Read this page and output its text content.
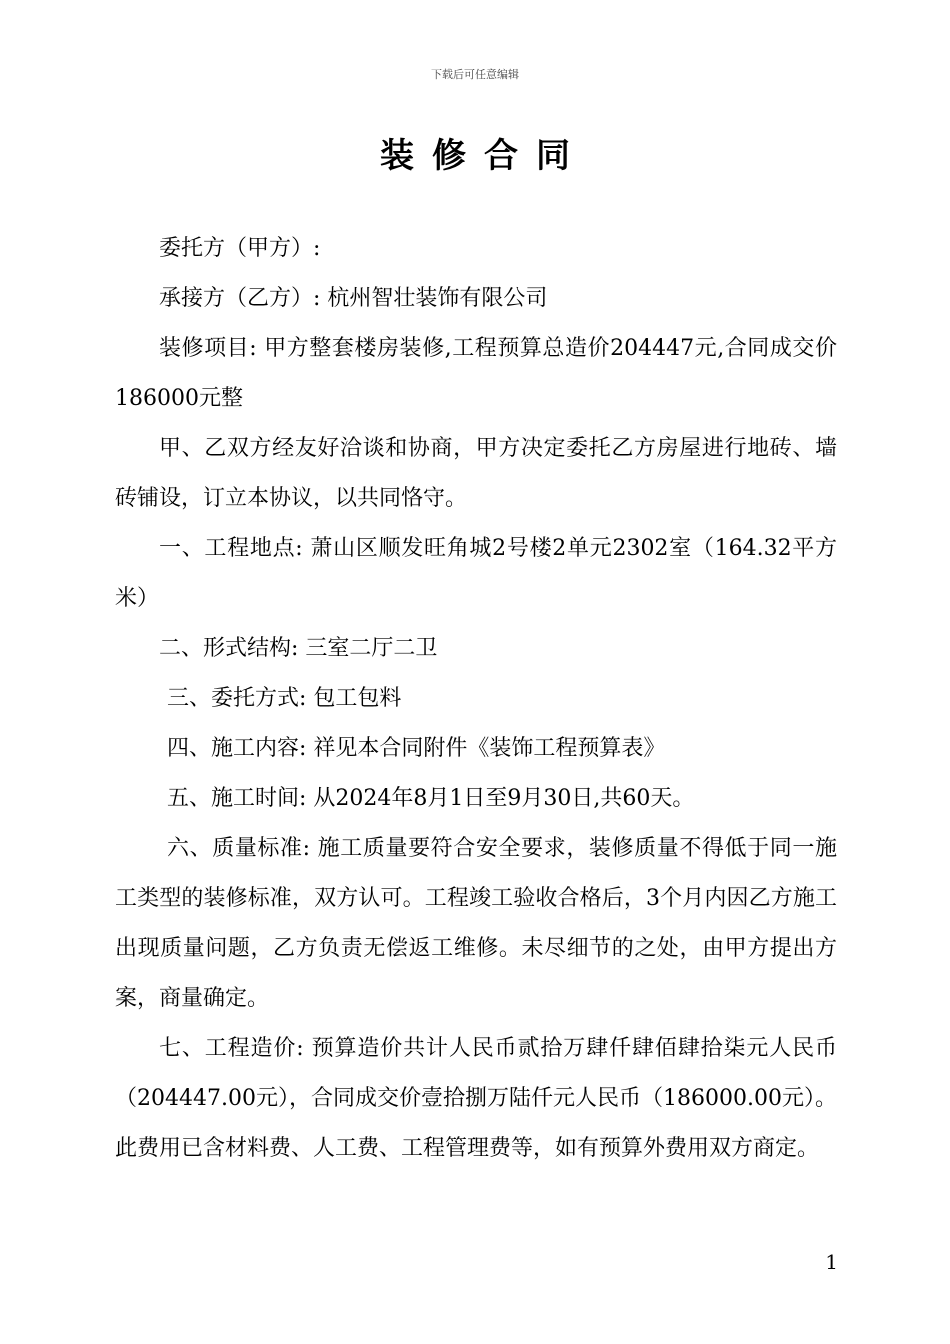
下载后可任意编辑
装修合同

委托方（甲方）:

承接方（乙方）: 杭州智壮装饰有限公司

装修项目: 甲方整套楼房装修,工程预算总造价204447元,合同成交价186000元整

甲、乙双方经友好洽谈和协商，甲方决定委托乙方房屋进行地砖、墙砖铺设，订立本协议，以共同恪守。

一、工程地点: 萧山区顺发旺角城2号楼2单元2302室（164.32平方米）

二、形式结构: 三室二厅二卫

三、委托方式: 包工包料

四、施工内容: 祥见本合同附件《装饰工程预算表》

五、施工时间: 从2024年8月1日至9月30日,共60天。

六、质量标准: 施工质量要符合安全要求，装修质量不得低于同一施工类型的装修标准，双方认可。工程竣工验收合格后，3个月内因乙方施工出现质量问题，乙方负责无偿返工维修。未尽细节的之处，由甲方提出方案，商量确定。

七、工程造价: 预算造价共计人民币贰拾万肆仟肆佰肆拾柒元人民币（204447.00元），合同成交价壹拾捌万陆仟元人民币（186000.00元）。此费用已含材料费、人工费、工程管理费等，如有预算外费用双方商定。

1
